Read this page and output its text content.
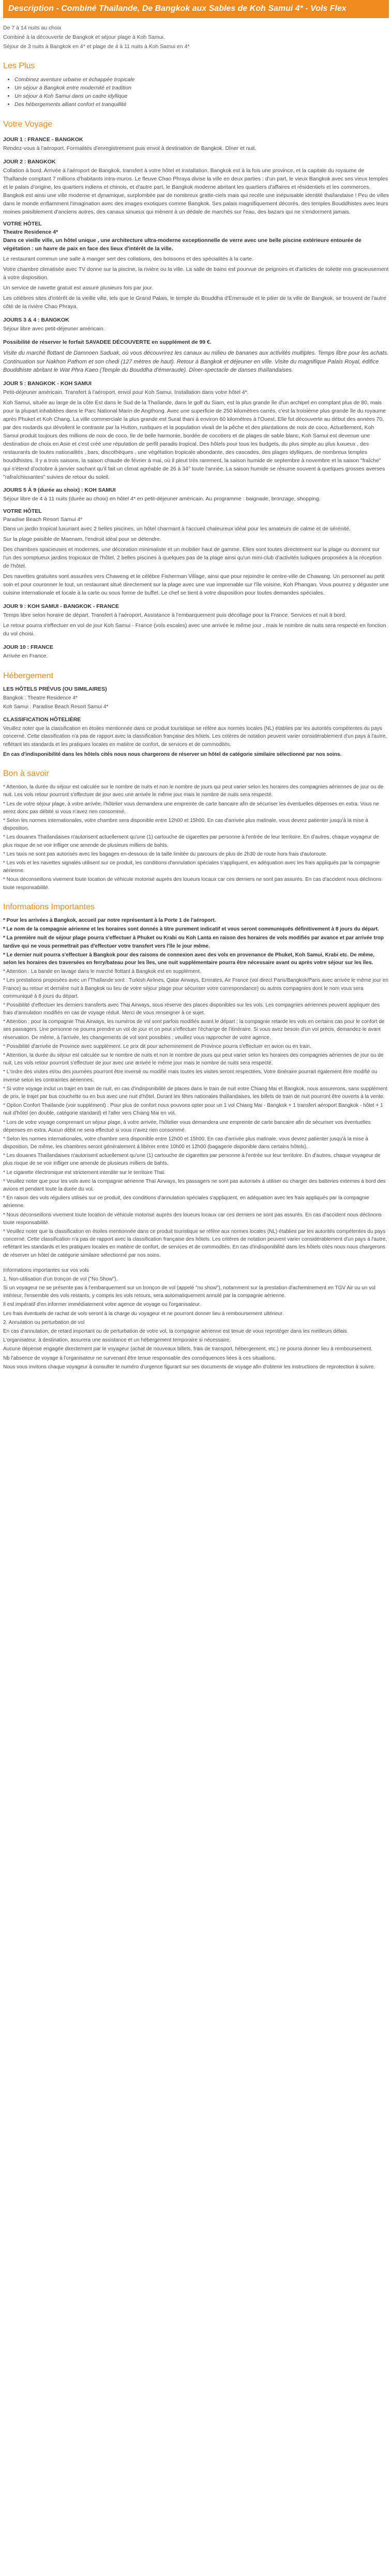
Description - Combiné Thaïlande, De Bangkok aux Sables de Koh Samui 4* - Vols Flex

De 7 à 14 nuits au choix

Combiné à la découverte de Bangkok et séjour plage à Koh Samui.

Séjour de 3 nuits à Bangkok en 4* et plage de 4 à 11 nuits à Koh Samui en 4*

Les Plus
• Combinez aventure urbaine et échappée tropicale
• Un séjour à Bangkok entre modernité et tradition
• Un séjour à Koh Samui dans un cadre idyllique
• Des hébergements alliant confort et tranquillité
Votre Voyage
JOUR 1 : FRANCE - BANGKOK

Rendez-vous à l'aéroport. Formalités d'enregistrement puis envol à destination de Bangkok. Dîner et nuit.

JOUR 2 : BANGKOK

Collation à bord. Arrivée à l'aéroport de Bangkok, transfert à votre hôtel et installation. Bangkok est à la fois une province, et la capitale du royaume de Thaïlande comptant 7 millions d'habitants intra-muros. Le fleuve Chao Phraya divise la ville en deux parties : d'un part, le vieux Bangkok avec ses vieux temples et le palais d'origine, les quartiers indiens et chinois, et d'autre part, le Bangkok moderne abritant les quartiers d'affaires et résidentiels et les commerces. Bangkok est ainsi une ville moderne et dynamique, surplombée par de nombreux gratte-ciels mais qui recèle une inépuisable identité thaïlandaise ! Peu de villes dans le monde enflamment l'imagination avec des images exotiques comme Bangkok. Ses palais magnifiquement décorés, des temples Bouddhistes avec leurs moines paisiblement d'anciens autres, des canaux sinueux qui mènent à un dédale de marchés sur l'eau, des bazars qui ne s'endorment jamais.

VOTRE HÔTEL
Theatre Residence 4*

Dans ce vieille ville, un hôtel unique , une architecture ultra-moderne exceptionnelle de verre avec une belle piscine extérieure entourée de végétation : un havre de paix en face des lieux d'intérêt de la ville.

Le restaurant commun une salle à manger sert des collations, des boissons et des spécialités à la carte.

Votre chambre climatisée avec TV donne sur la piscine, la rivière ou la ville. La salle de bains est pourvue de peignoirs et d'articles de toilette mis gracieusement à votre disposition.

Un service de navette gratuit est assuré plusieurs fois par jour.

Les célèbres sites d'intérêt de la vieille ville, tels que le Grand Palais, le temple du Bouddha d'Émeraude et le pilier de la ville de Bangkok, se trouvent de l'autre côté de la rivière Chao Phraya.

JOURS 3 & 4 : BANGKOK

Séjour libre avec petit-déjeuner américain.

Possibilité de réserver le forfait SAVADEE DÉCOUVERTE en supplément de 99 €.

Visite du marché flottant de Damnoen Saduak, où vous découvrirez les canaux au milieu de bananes aux activités multiples. Temps libre pour les achats. Continuation sur Nakhon Pathom et son chedi (127 mètres de haut). Retour à Bangkok et déjeuner en ville. Visite du magnifique Palais Royal, édifice Bouddhiste abritant le Wat Phra Kaeo (Temple du Bouddha d'émeraude). Dîner-spectacle de danses thaïlandaises.

JOUR 5 : BANGKOK - KOH SAMUI

Petit-déjeuner américain. Transfert à l'aéroport, envol pour Koh Samui. Installation dans votre hôtel 4*.

Koh Samui, située au large de la côte Est dans le Sud de la Thaïlande, dans le golf du Siam, est la plus grande île d'un archipel en comptant plus de 80, mais pour la plupart inhabitées dans le Parc National Marin de Angthong. Avec une superficie de 250 kilomètres carrés, c'est la troisième plus grande île du royaume après Phuket et Koh Chang. La ville commerciale la plus grande est Surat thani à environ 60 kilomètres à l'Ouest. Elle fut découverte au début des années 70, par des routards qui dévoilent le contraste par la Hutton, rustiques et la population vivait de la pêche et des plantations de noix de coco. Actuellement, Koh Samui produit toujours des millions de noix de coco. Ile de belle harmonie, bordée de cocotiers et de plages de sable blanc, Koh Samui est devenue une destination de choix en Asie et c'est créé une réputation de perfil paradis tropical. Des hôtels pour tous les budgets, du plus simple au plus luxueux , des restaurants de toutes nationalités , bars, discothèques , une végétation tropicale abondante, des cascades, des plages idylliques, de nombreux temples bouddhistes. Il y a trois saisons, la saison chaude de février à mai, où il pleut très rarement, la saison humide de septembre à novembre et la saison "fraîche" qui s'étend d'octobre à janvier sachant qu'il fait un climat agréable de 26 à 34° toute l'année. La saison humide se résume souvent à quelques grosses averses "rafraîchissantes" suivies de retour du soleil.

JOURS 5 À 9 (durée au choix) : KOH SAMUI

Séjour libre de 4 à 11 nuits (durée au choix) en hôtel 4* en petit-déjeuner américain. Au programme : baignade, bronzage, shopping.

VOTRE HÔTEL
Paradise Beach Resort Samui 4*

Dans un jardin tropical luxuriant avec 2 belles piscines, un hôtel charmant à l'accueil chaleureux idéal pour les amateurs de calme et de sérénité.

Sur la plage paisible de Maenam, l'endroit idéal pour se détendre.

Des chambres spacieuses et modernes, une décoration minimaliste et un mobilier haut de gamme. Elles sont toutes directement sur la plage ou donnent sur l'un des somptueux jardins tropicaux de l'hôtel. 2 belles piscines à quelques pas de la plage ainsi qu'un mini-club d'activités ludiques proposées à la réception de l'hôtel.

Des navettes gratuites sont assurées vers Chaweng et le célèbre Fisherman Village, ainsi que pour rejoindre le centre-ville de Chawang. Un personnel au petit soin et pour couronner le tout, un restaurant situé directement sur la plage avec une vue imprenable sur l'île voisine, Koh Phangan. Vous pourrez y déguster une cuisine internationale et locale à la carte ou sous forme de buffet. Le chef se tient à votre disposition pour toutes demandes spéciales.

JOUR 9 : KOH SAMUI - BANGKOK - FRANCE

Temps libre selon horaire de départ. Transfert à l'aéroport, Assistance à l'embarquement puis décollage pour la France. Services et nuit à bord.

Le retour pourra s'effectuer en vol de jour Koh Samui - France (vols escales) avec une arrivée le même jour , mais le nombre de nuits sera respecté en fonction du vol choisi.

JOUR 10 : FRANCE

Arrivée en France.

Hébergement
LES HÔTELS PRÉVUS (OU SIMILAIRES)

Bangkok : Theatre Residence 4*

Koh Samui : Paradise Beach Resort Samui 4*

CLASSIFICATION HÔTELIÈRE

Veuillez noter que la classification en étoiles mentionnée dans ce produit touristique se réfère aux normes locales (NL) établies par les autorités compétentes du pays concerné. Cette classification n'a pas de rapport avec la classification française des hôtels. Les critères de notation peuvent varier considérablement d'un pays à l'autre, reflétant les standards et les pratiques locales en matière de confort, de services et de commodités.

En cas d'indisponibilité dans les hôtels cités nous nous chargerons de réserver un hôtel de catégorie similaire sélectionné par nos soins.

Bon à savoir

* Attention, la durée du séjour est calculée sur le nombre de nuits et non le nombre de jours qui peut varier selon les horaires des compagnies aériennes de jour ou de nuit. Les vols retour pourront s'effectuer de jour avec une arrivée le même jour mais le nombre de nuits sera respecté.

* Les de votre séjour plage, à votre arrivée, l'hôtelier vous demandera une empreinte de carte bancaire afin de sécuriser les éventuelles dépenses en extra. Vous ne serez donc pas débité si vous n'avez rien consommé.

* Selon les normes internationales, votre chambre sera disponible entre 12h00 et 15h00. En cas d'arrivée plus matinale, vous devrez patienter jusqu'à la mise à disposition.

* Les douanes Thaïlandaises n'autorisent actuellement qu'une (1) cartouche de cigarettes par personne à l'entrée de leur territoire. En d'autres, chaque voyageur de plus risque de se voir infliger une amende de plusieurs milliers de bahts.

* Les taxis ne sont pas autorisés avec les bagages en-dessous de la taille limitée du parcours de plus de 2h30 de route hors frais d'autoroute.

* Les vols et les navettes signalés utilisent sur ce produit, les conditions d'annulation spéciales s'appliquent, en adéquation avec les frais appliqués par la compagnie aérienne.

* Nous déconseillons vivement toute location de véhicule motorisé auprès des loueurs locaux car ces derniers ne sont pas assurés. En cas d'accident nous déclinons toute responsabilité.

Informations Importantes

* Pour les arrivées à Bangkok, accueil par notre représentant à la Porte 1 de l'aéroport.

* Le nom de la compagnie aérienne et les horaires sont donnés à titre purement indicatif et vous seront communiqués définitivement à 8 jours du départ.

* La première nuit de séjour plage pourra s'effectuer à Phuket ou Krabi ou Koh Lanta en raison des horaires de vols modifiés par avance et par arrivée trop tardive qui ne vous permettrait pas d'effectuer votre transfert vers l'île le jour même.

* Le dernier nuit pourra s'effectuer à Bangkok pour des raisons de connexion avec des vols en provenance de Phuket, Koh Samui, Krabi etc. De même, selon les horaires des traversées en ferry/bateau pour les îles, une nuit supplémentaire pourra être nécessaire avant ou après votre séjour sur les îles.

* Attention : La bande en lavage dans le marché flottant à Bangkok est en supplément.

* Les prestations proposées avec un l'Thaïlande sont : Turkish Airlines, Qatar Airways, Emirates, Air France (vol direct Paris/Bangkok/Paris avec arrivée le même jour en France) au retour et dernière nuit à Bangkok ou lieu de votre séjour plage pour sécuriser votre correspondance) ou autres compagnies dont le nom vous sera communiqué à 8 jours du départ.

* Possibilité d'effectuer les derniers transferts avec Thai Airways, sous réserve des places disponibles sur les vols. Les compagnies aériennes peuvent appliquer des frais d'annulation modifiés en cas de voyage réduit. Merci de vous renseigner à ce sujet.

* Attention : pour la compagnie Thai Airways, les numéros de vol sont parfois modifiés avant le départ : la compagnie retarde les vols en certains cas pour le confort de ses passagers. Une personne ne pourra prendre un vol de jour et on peut s'effectuer l'échange de l'itinéraire. Si vous avez besoin d'un vol précis, demandez-le avant réservation. De même, à l'arrivée, les changements de vol sont possibles ; veuillez vous rapprocher de votre agence.

* Possibilité d'arrivée de Province avec supplément. Le prix dit pour acheminement de Province pourra s'effectuer en avion ou en train.

* Attention, la durée du séjour est calculée sur le nombre de nuits et non le nombre de jours qui peut varier selon les horaires des compagnies aériennes de jour ou de nuit. Les vols retour pourront s'effectuer de jour avec une arrivée le même jour mais le nombre de nuits sera respecté.

* L'ordre des visites et/ou des journées pourront être inversé ou modifié mais toutes les visites seront respectées. Votre itinéraire pourrait également être modifié ou inversé selon les contraintes aériennes.

* Si votre voyage inclut un trajet en train de nuit, en cas d'indisponibilité de places dans le train de nuit entre Chiang Mai et Bangkok, nous assurerons, sans supplément de prix, le trajet par bus couchette ou en bus avec une nuit d'hôtel. Durant les fêtes nationales thaïlandaises, les billets de train de nuit pourront être ouverts à la vente.

* Option Confort Thaïlande (voir supplément) : Pour plus de confort nous pouvons opter pour un 1 vol Chiang Mai - Bangkok + 1 transfert aéroport Bangkok - hôtel + 1 nuit d'hôtel (en double, catégorie standard) et l'aller vers Chiang Mai en vol.

* Lors de votre voyage comprenant un séjour plage, à votre arrivée, l'hôtelier vous demandera une empreinte de carte bancaire afin de sécuriser vos éventuelles dépenses en extra. Aucun débit ne sera effectué si vous n'avez rien consommé.

* Selon les normes internationales, votre chambre sera disponible entre 12h00 et 15h00. En cas d'arrivée plus matinale, vous devrez patienter jusqu'à la mise à disposition. De même, les chambres seront généralement à libérer entre 10h00 et 12h00 (bagagerie disponible dans certains hôtels).

* Les douanes Thaïlandaises n'autorisent actuellement qu'une (1) cartouche de cigarettes par personne à l'entrée sur leur territoire. En d'autres, chaque voyageur de plus risque de se voir infliger une amende de plusieurs milliers de bahts.

* Le cigarette électronique est strictement interdite sur le territoire Thaï.

* Veuillez noter que pour les vols avec la compagnie aérienne Thaï Airways, les passagers ne sont pas autorisés à utiliser ou charger des batteries externes à bord des avions et pendant toute la durée du vol.

* En raison des vols réguliers utilisés sur ce produit, des conditions d'annulation spéciales s'appliquent, en adéquation avec les frais appliqués par la compagnie aérienne.

* Nous déconseillons vivement toute location de véhicule motorisé auprès des loueurs locaux car ces derniers ne sont pas assurés. En cas d'accident nous déclinons toute responsabilité.

* Veuillez noter que la classification en étoiles mentionnée dans ce produit touristique se réfère aux normes locales (NL) établies par les autorités compétentes du pays concerné. Cette classification n'a pas de rapport avec la classification française des hôtels. Les critères de notation peuvent varier considérablement d'un pays à l'autre, reflétant les standards et les pratiques locales en matière de confort, de services et de commodités. En cas d'indisponibilité dans les hôtels cités nous nous chargerons de réserver un hôtel de catégorie similaire sélectionné par nos soins.

Informations importantes sur vos vols

1. Non-utilisation d'un tronçon de vol ("No Show").

Si un voyageur ne se présente pas à l'embarquement sur un tronçon de vol (appelé "no show"), notamment sur la prestation d'acheminement en TGV Air ou un vol intérieur, l'ensemble des vols restants, y compris les vols retours, sera automatiquement annulé par la compagnie aérienne.

Il est impératif d'en informer immédiatement votre agence de voyage ou l'organisateur.

Les frais éventuels de rachat de vols seront à la charge du voyageur et ne pourront donner lieu à remboursement ultérieur.

2. Annulation ou perturbation de vol

En cas d'annulation, de retard important ou de perturbation de votre vol, la compagnie aérienne est tenue de vous reprotéger dans les meilleurs délais.

L'organisateur, à destination, assurera une assistance et un hébergement temporaire si nécessaire.

Aucune dépense engagée directement par le voyageur (achat de nouveaux billets, frais de transport, hébergement, etc.) ne pourra donner lieu à remboursement.

Nb l'absence de voyage à l'organisateur ne survenant être tenue responsable des conséquences liées à ces situations.

Nous vous invitons chaque voyageur à consulter le numéro d'urgence figurant sur ses documents de voyage afin d'obtenir les instructions de reprotection à suivre.
